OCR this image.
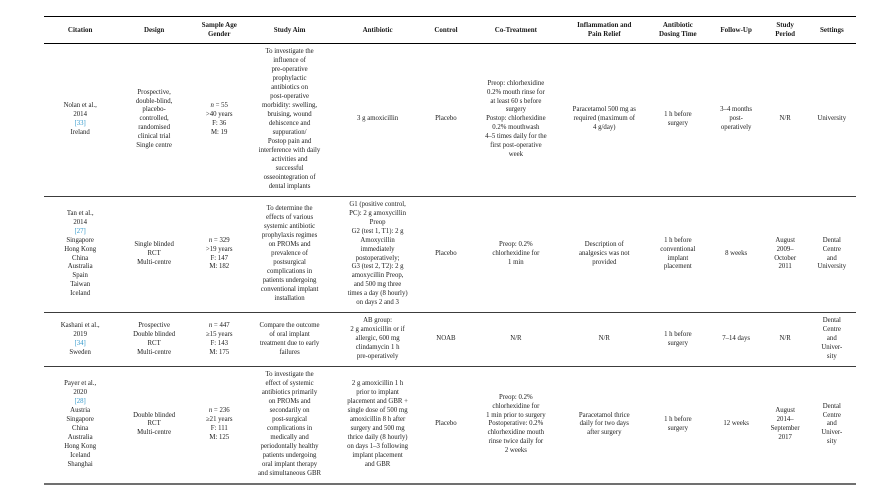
Citation	Design	Sample Age
Gender	Study Aim	Antibiotic	Control	Co-Treatment	Inflammation and
Pain Relief	Antibiotic
Dosing Time	Follow-Up	Study
Period	Settings
Nolan et al.,
2014
[33]
Ireland	Prospective,
double-blind,
placebo-
controlled,
randomised
clinical trial
Single centre	n = 55
>40 years
F: 36
M: 19	To investigate the
influence of
pre-operative
prophylactic
antibiotics on
post-operative
morbidity: swelling,
bruising, wound
dehiscence and
suppuration/
Postop pain and
interference with daily
activities and
successful
osseointegration of
dental implants	3 g amoxicillin	Placebo	Preop: chlorhexidine
0.2% mouth rinse for
at least 60 s before
surgery
Postop: chlorhexidine
0.2% mouthwash
4–5 times daily for the
first post-operative
week	Paracetamol 500 mg as
required (maximum of
4 g/day)	1 h before
surgery	3–4 months
post-
operatively	N/R	University
Tan et al.,
2014
[27]
Singapore
Hong Kong
China
Australia
Spain
Taiwan
Iceland	Single blinded
RCT
Multi-centre	n = 329
>19 years
F: 147
M: 182	To determine the
effects of various
systemic antibiotic
prophylaxis regimes
on PROMs and
prevalence of
postsurgical
complications in
patients undergoing
conventional implant
installation	G1 (positive control,
PC): 2 g amoxycillin
Preop
G2 (test 1, T1): 2 g
Amoxycillin
immediately
postoperatively;
G3 (test 2, T2): 2 g
amoxycillin Preop,
and 500 mg three
times a day (8 hourly)
on days 2 and 3	Placebo	Preop: 0.2%
chlorhexidine for
1 min	Description of
analgesics was not
provided	1 h before
conventional
implant
placement	8 weeks	August
2009–
October
2011	Dental
Centre
and
University
Kashani et al.,
2019
[34]
Sweden	Prospective
Double blinded
RCT
Multi-centre	n = 447
≥15 years
F: 143
M: 175	Compare the outcome
of oral implant
treatment due to early
failures	AB group:
2 g amoxicillin or if
allergic, 600 mg
clindamycin 1 h
pre-operatively	NOAB	N/R	N/R	1 h before
surgery	7–14 days	N/R	Dental
Centre
and
Univer-
sity
Payer et al.,
2020
[28]
Austria
Singapore
China
Australia
Hong Kong
Iceland
Shanghai	Double blinded
RCT
Multi-centre	n = 236
≥21 years
F: 111
M: 125	To investigate the
effect of systemic
antibiotics primarily
on PROMs and
secondarily on
post-surgical
complications in
medically and
periodontally healthy
patients undergoing
oral implant therapy
and simultaneous GBR	2 g amoxicillin 1 h
prior to implant
placement and GBR +
single dose of 500 mg
amoxicillin 8 h after
surgery and 500 mg
thrice daily (8 hourly)
on days 1–3 following
implant placement
and GBR	Placebo	Preop: 0.2%
chlorhexidine for
1 min prior to surgery
Postoperative: 0.2%
chlorhexidine mouth
rinse twice daily for
2 weeks	Paracetamol thrice
daily for two days
after surgery	1 h before
surgery	12 weeks	August
2014–
September
2017	Dental
Centre
and
Univer-
sity
